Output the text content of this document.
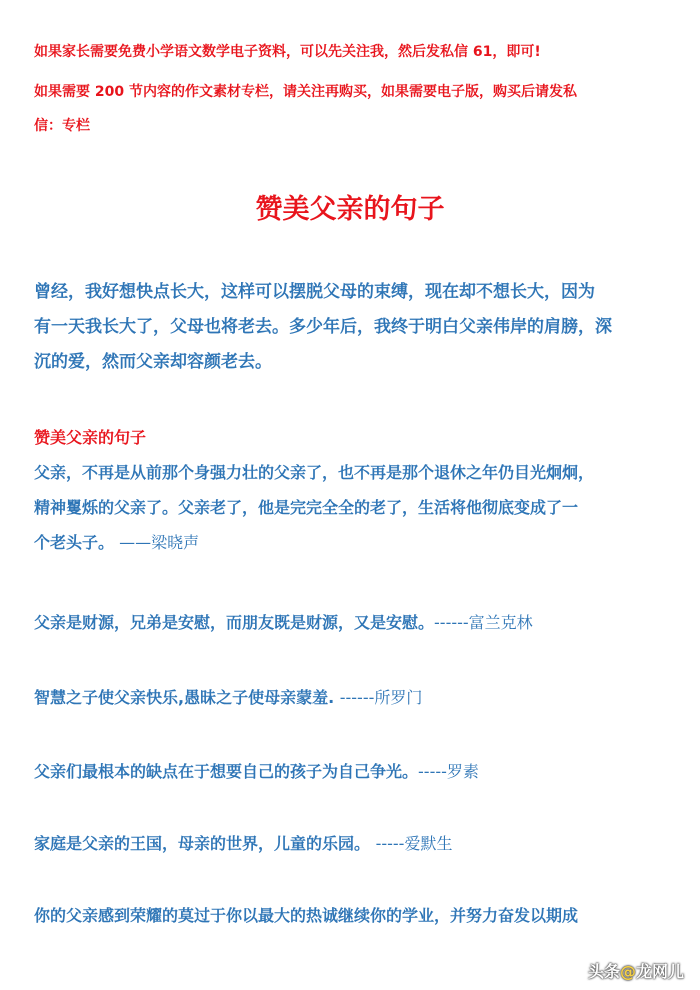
如果家长需要免费小学语文数学电子资料，可以先关注我，然后发私信 61，即可!
如果需要 200 节内容的作文素材专栏，请关注再购买，如果需要电子版，购买后请发私
信：专栏
赞美父亲的句子
曾经，我好想快点长大，这样可以摆脱父母的束缚，现在却不想长大，因为
有一天我长大了，父母也将老去。多少年后，我终于明白父亲伟岸的肩膀，深
沉的爱，然而父亲却容颜老去。
赞美父亲的句子
父亲，不再是从前那个身强力壮的父亲了，也不再是那个退休之年仍目光炯炯，
精神矍烁的父亲了。父亲老了，他是完完全全的老了，生活将他彻底变成了一
个老头子。 ——梁晓声
父亲是财源，兄弟是安慰，而朋友既是财源，又是安慰。------富兰克林
智慧之子使父亲快乐,愚昧之子使母亲蒙羞. ------所罗门
父亲们最根本的缺点在于想要自己的孩子为自己争光。-----罗素
家庭是父亲的王国，母亲的世界，儿童的乐园。 -----爱默生
你的父亲感到荣耀的莫过于你以最大的热诚继续你的学业，并努力奋发以期成
头条@龙网儿
